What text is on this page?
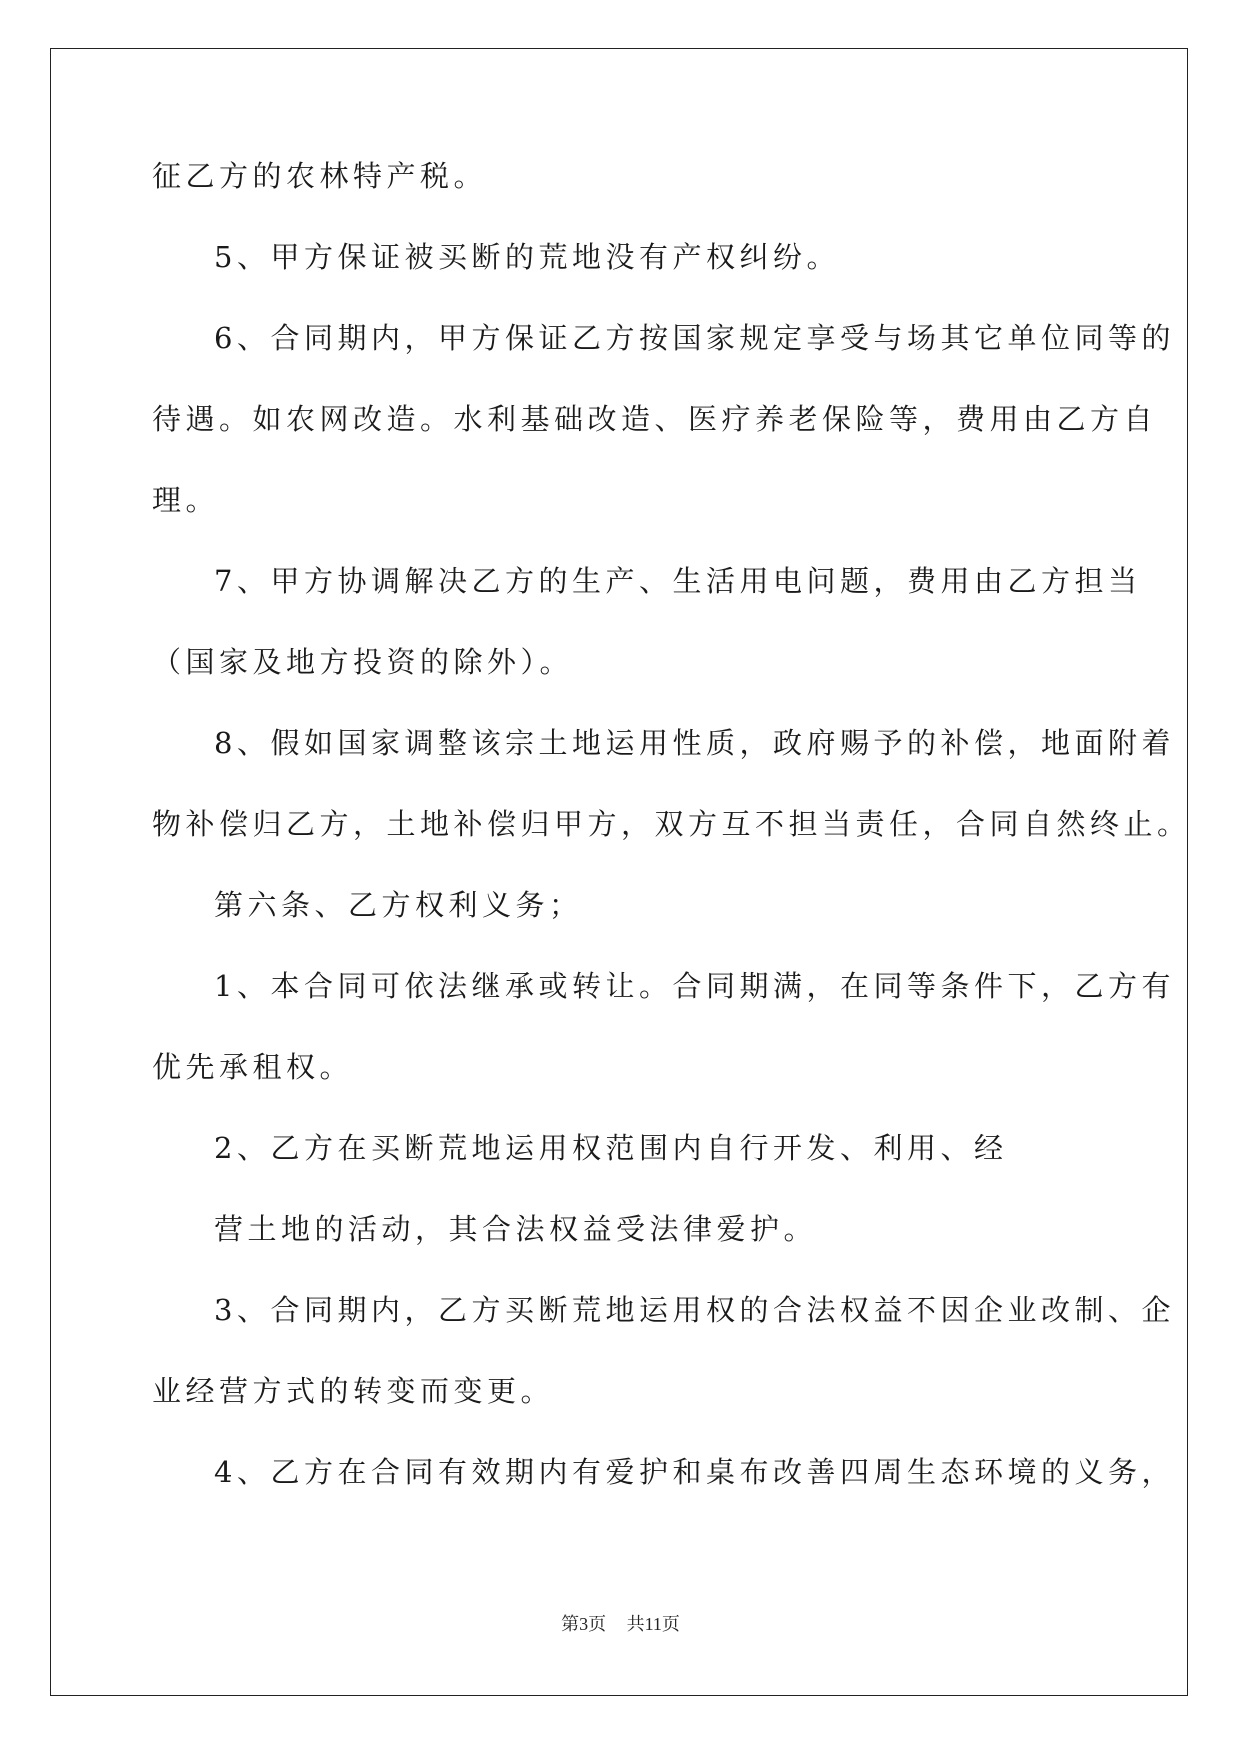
征乙方的农林特产税。
5、甲方保证被买断的荒地没有产权纠纷。
6、合同期内，甲方保证乙方按国家规定享受与场其它单位同等的
待遇。如农网改造。水利基础改造、医疗养老保险等，费用由乙方自
理。
7、甲方协调解决乙方的生产、生活用电问题，费用由乙方担当
（国家及地方投资的除外）。
8、假如国家调整该宗土地运用性质，政府赐予的补偿，地面附着
物补偿归乙方，土地补偿归甲方，双方互不担当责任，合同自然终止。
第六条、乙方权利义务；
1、本合同可依法继承或转让。合同期满，在同等条件下，乙方有
优先承租权。
2、乙方在买断荒地运用权范围内自行开发、利用、经
营土地的活动，其合法权益受法律爱护。
3、合同期内，乙方买断荒地运用权的合法权益不因企业改制、企
业经营方式的转变而变更。
4、乙方在合同有效期内有爱护和桌布改善四周生态环境的义务，
第3页 共11页
